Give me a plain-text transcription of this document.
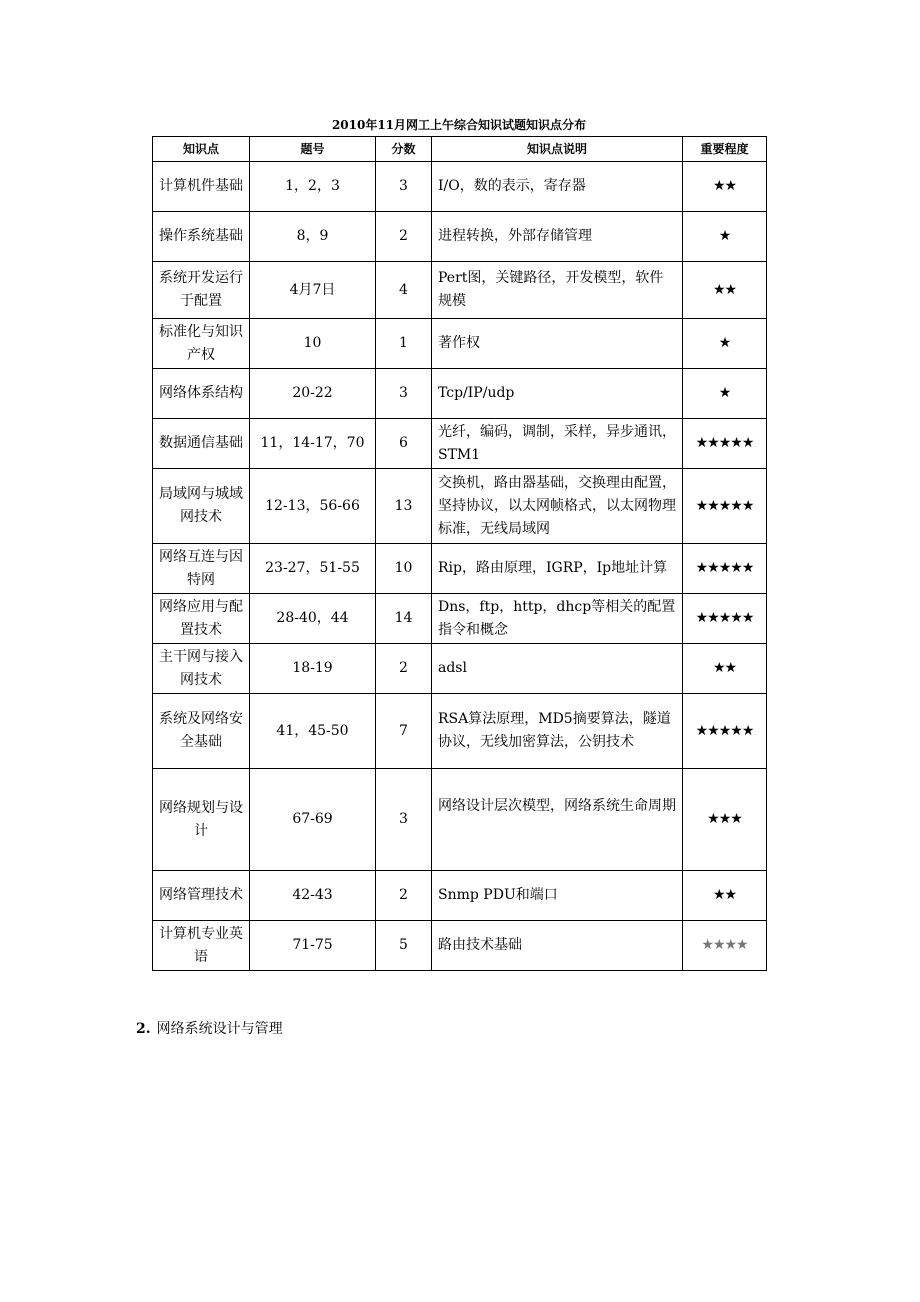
2010年11月网工上午综合知识试题知识点分布
知识点	题号	分数	知识点说明	重要程度
计算机件基础	1，2，3	3	I/O，数的表示，寄存器	★★
操作系统基础	8，9	2	进程转换，外部存储管理	★
系统开发运行于配置	4月7日	4	Pert图，关键路径，开发模型，软件规模	★★
标准化与知识产权	10	1	著作权	★
网络体系结构	20-22	3	Tcp/IP/udp	★
数据通信基础	11，14-17，70	6	光纤，编码，调制，采样，异步通讯，STM1	★★★★★
局域网与城域网技术	12-13，56-66	13	交换机，路由器基础，交换理由配置，坚持协议，以太网帧格式，以太网物理标准，无线局域网	★★★★★
网络互连与因特网	23-27，51-55	10	Rip，路由原理，IGRP，Ip地址计算	★★★★★
网络应用与配置技术	28-40，44	14	Dns，ftp，http，dhcp等相关的配置指令和概念	★★★★★
主干网与接入网技术	18-19	2	adsl	★★
系统及网络安全基础	41，45-50	7	RSA算法原理，MD5摘要算法，隧道协议，无线加密算法，公钥技术	★★★★★
网络规划与设计	67-69	3	网络设计层次模型，网络系统生命周期	★★★
网络管理技术	42-43	2	Snmp PDU和端口	★★
计算机专业英语	71-75	5	路由技术基础	★★★★
2. 网络系统设计与管理
